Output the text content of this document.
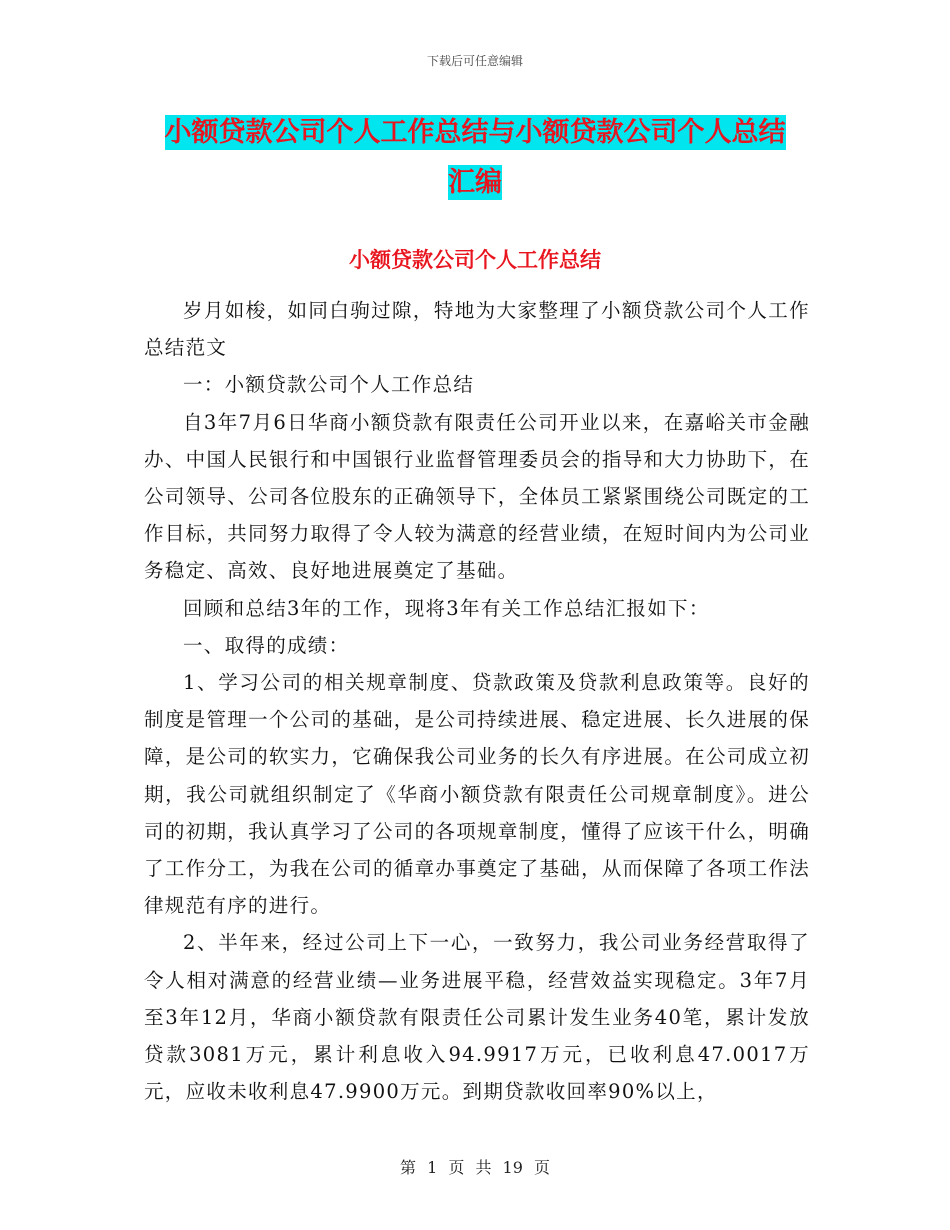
下载后可任意编辑
小额贷款公司个人工作总结与小额贷款公司个人总结
汇编
小额贷款公司个人工作总结

岁月如梭，如同白驹过隙，特地为大家整理了小额贷款公司个人工作总结范文

一：小额贷款公司个人工作总结

自3年7月6日华商小额贷款有限责任公司开业以来，在嘉峪关市金融办、中国人民银行和中国银行业监督管理委员会的指导和大力协助下，在公司领导、公司各位股东的正确领导下，全体员工紧紧围绕公司既定的工作目标，共同努力取得了令人较为满意的经营业绩，在短时间内为公司业务稳定、高效、良好地进展奠定了基础。

回顾和总结3年的工作，现将3年有关工作总结汇报如下：

一、取得的成绩：

1、学习公司的相关规章制度、贷款政策及贷款利息政策等。良好的制度是管理一个公司的基础，是公司持续进展、稳定进展、长久进展的保障，是公司的软实力，它确保我公司业务的长久有序进展。在公司成立初期，我公司就组织制定了《华商小额贷款有限责任公司规章制度》。进公司的初期，我认真学习了公司的各项规章制度，懂得了应该干什么，明确了工作分工，为我在公司的循章办事奠定了基础，从而保障了各项工作法律规范有序的进行。

2、半年来，经过公司上下一心，一致努力，我公司业务经营取得了令人相对满意的经营业绩—业务进展平稳，经营效益实现稳定。3年7月至3年12月，华商小额贷款有限责任公司累计发生业务40笔，累计发放贷款3081万元，累计利息收入94.9917万元，已收利息47.0017万元，应收未收利息47.9900万元。到期贷款收回率90%以上，

第 1 页 共 19 页
